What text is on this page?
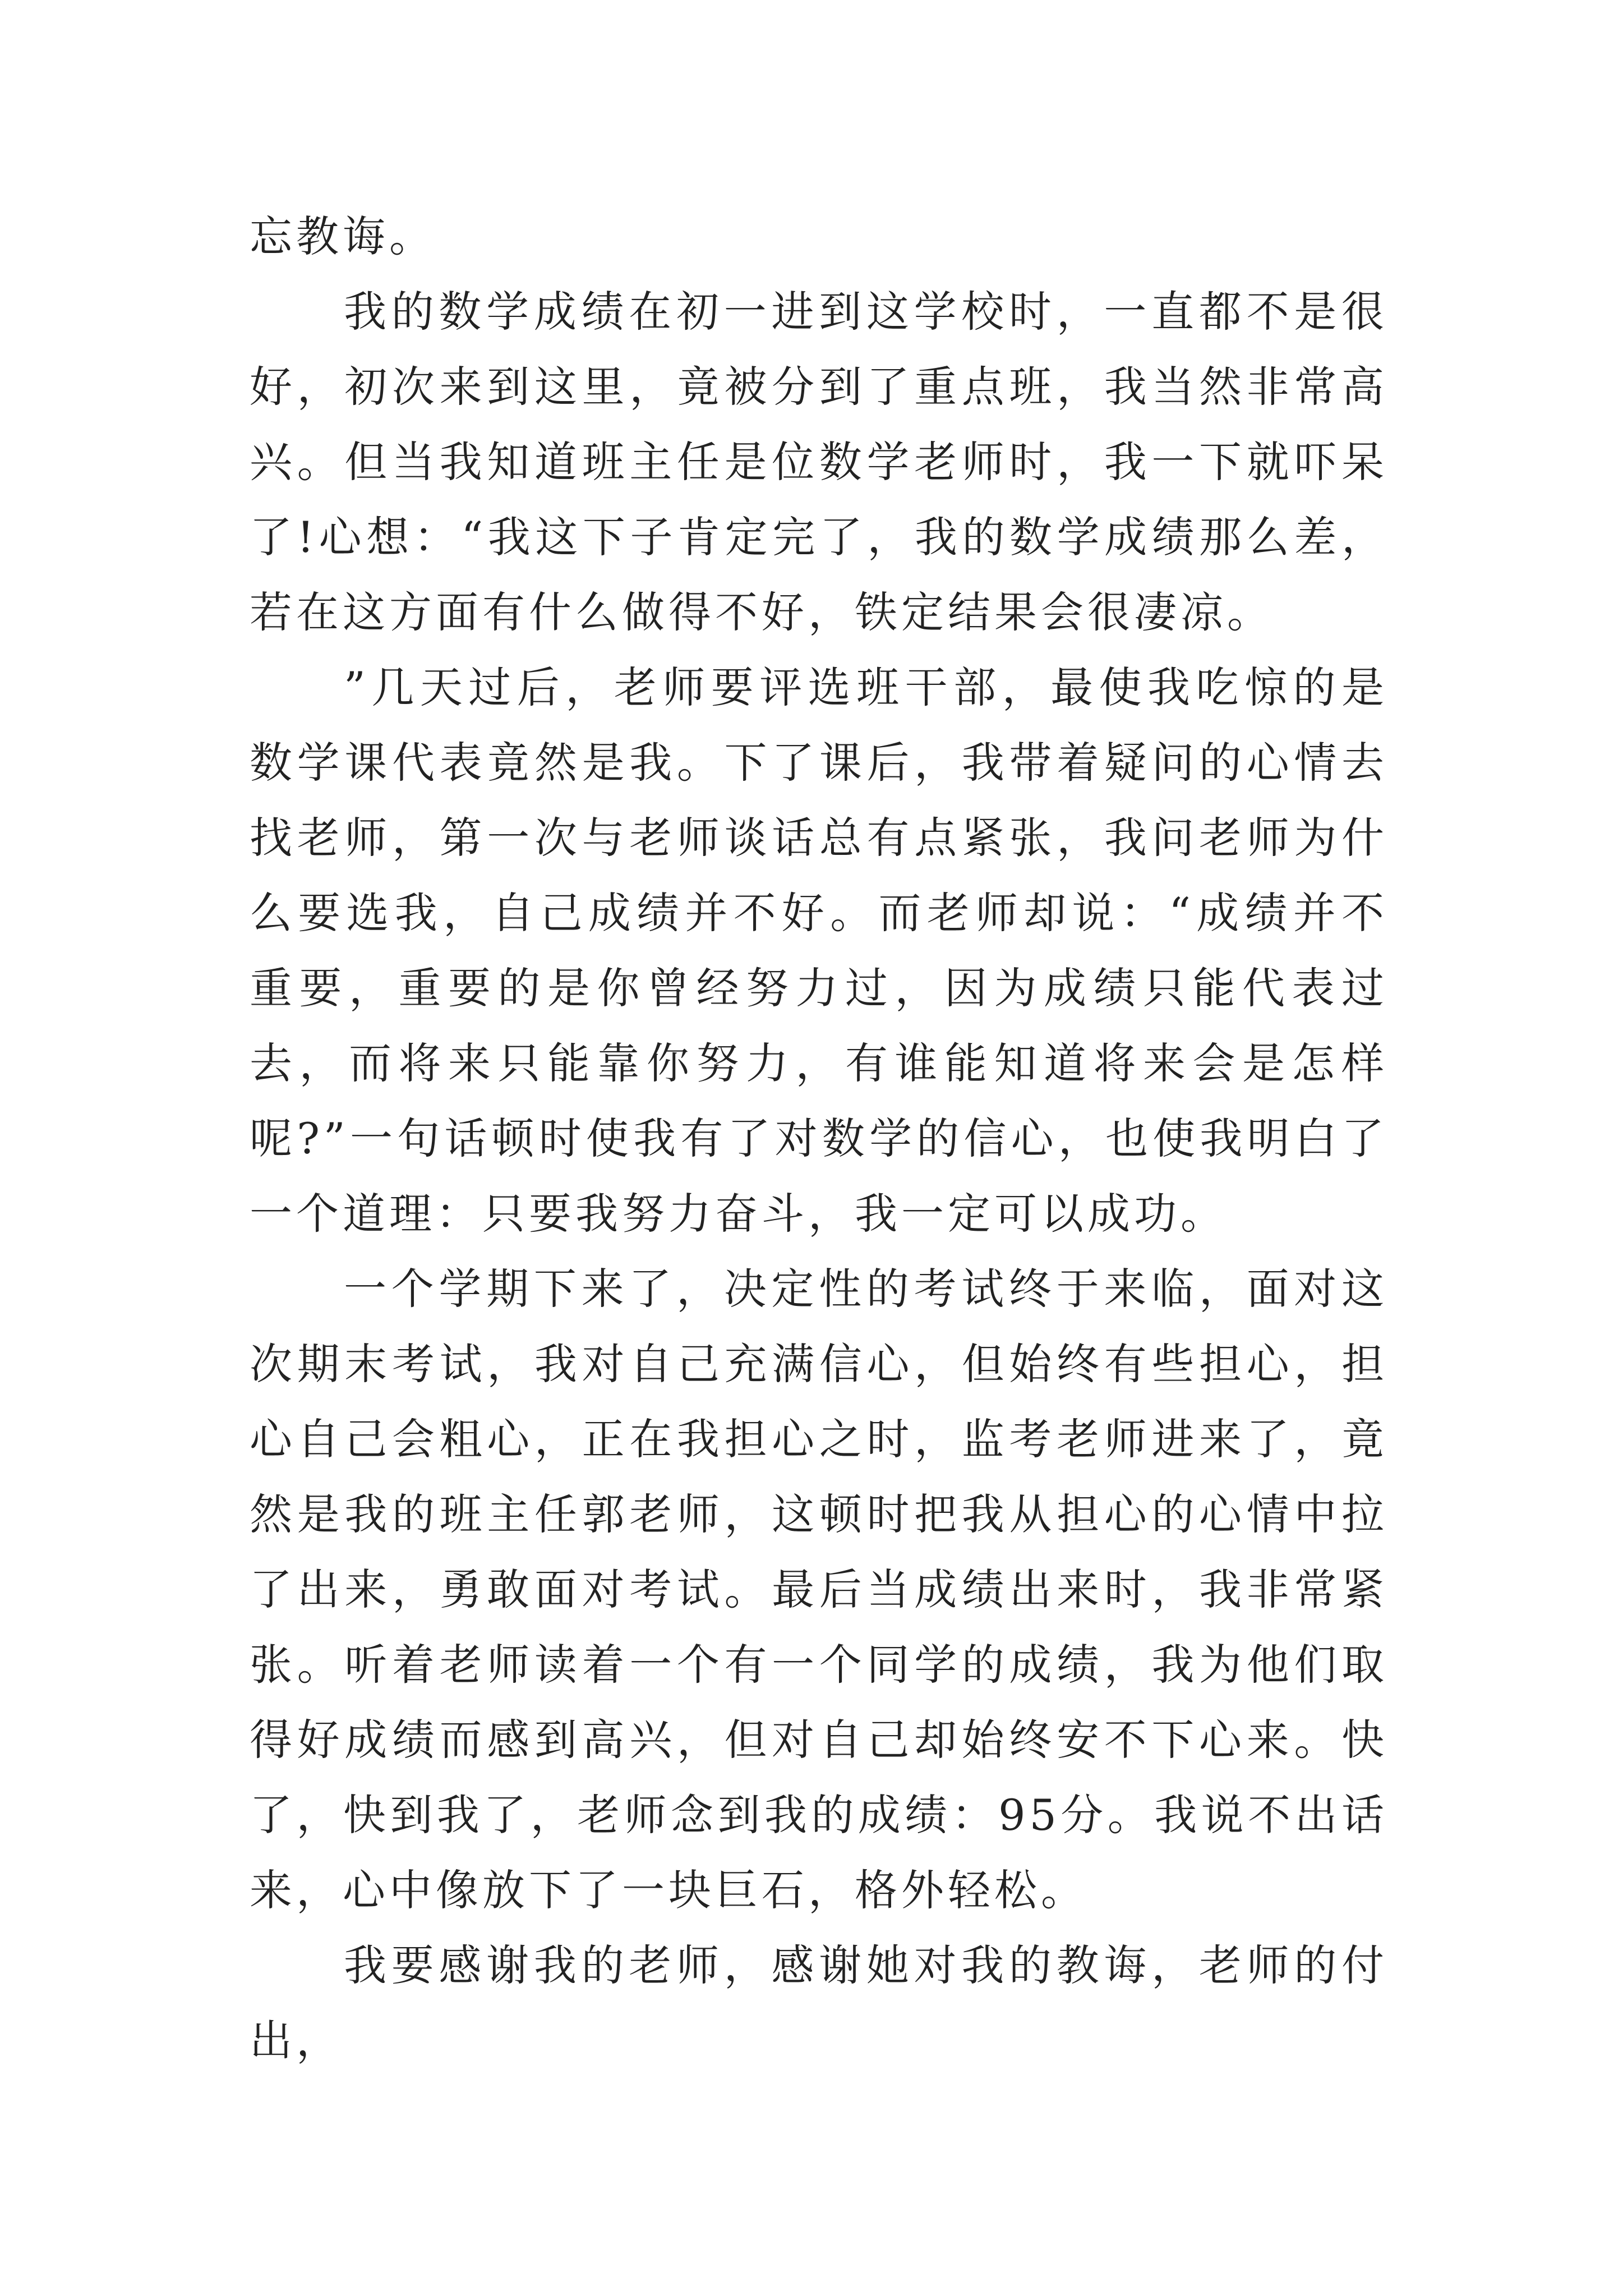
忘教诲。

我的数学成绩在初一进到这学校时，一直都不是很好，初次来到这里，竟被分到了重点班，我当然非常高兴。但当我知道班主任是位数学老师时，我一下就吓呆了!心想：“我这下子肯定完了，我的数学成绩那么差，若在这方面有什么做得不好，铁定结果会很凄凉。

”几天过后，老师要评选班干部，最使我吃惊的是数学课代表竟然是我。下了课后，我带着疑问的心情去找老师，第一次与老师谈话总有点紧张，我问老师为什么要选我，自己成绩并不好。而老师却说：“成绩并不重要，重要的是你曾经努力过，因为成绩只能代表过去，而将来只能靠你努力，有谁能知道将来会是怎样呢?”一句话顿时使我有了对数学的信心，也使我明白了一个道理：只要我努力奋斗，我一定可以成功。

一个学期下来了，决定性的考试终于来临，面对这次期末考试，我对自己充满信心，但始终有些担心，担心自己会粗心，正在我担心之时，监考老师进来了，竟然是我的班主任郭老师，这顿时把我从担心的心情中拉了出来，勇敢面对考试。最后当成绩出来时，我非常紧张。听着老师读着一个有一个同学的成绩，我为他们取得好成绩而感到高兴，但对自己却始终安不下心来。快了，快到我了，老师念到我的成绩：95分。我说不出话来，心中像放下了一块巨石，格外轻松。

我要感谢我的老师，感谢她对我的教诲，老师的付出，
